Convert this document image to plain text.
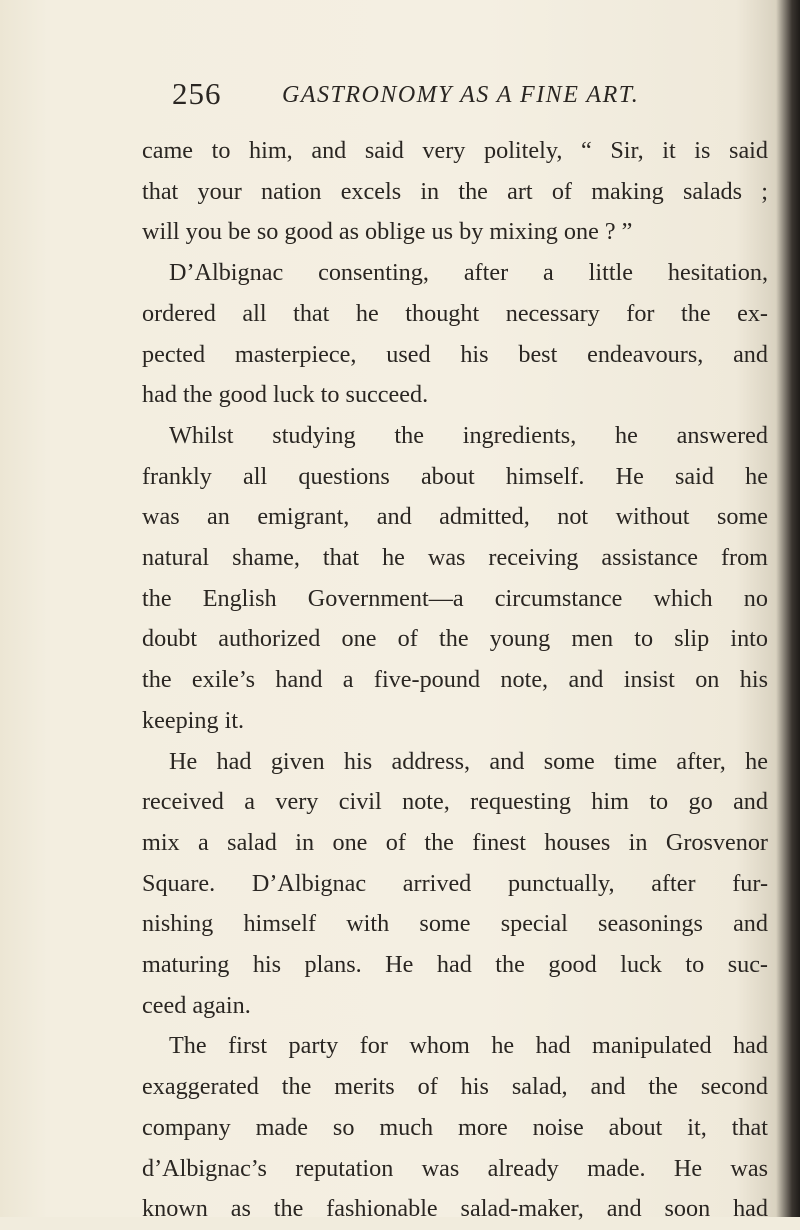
256	GASTRONOMY AS A FINE ART.
came to him, and said very politely, “ Sir, it is said
that your nation excels in the art of making salads ;
will you be so good as oblige us by mixing one ? ”
D’Albignac consenting, after a little hesitation,
ordered all that he thought necessary for the ex-
pected masterpiece, used his best endeavours, and
had the good luck to succeed.
Whilst studying the ingredients, he answered
frankly all questions about himself. He said he
was an emigrant, and admitted, not without some
natural shame, that he was receiving assistance from
the English Government—a circumstance which no
doubt authorized one of the young men to slip into
the exile’s hand a five-pound note, and insist on his
keeping it.
He had given his address, and some time after, he
received a very civil note, requesting him to go and
mix a salad in one of the finest houses in Grosvenor
Square. D’Albignac arrived punctually, after fur-
nishing himself with some special seasonings and
maturing his plans. He had the good luck to suc-
ceed again.
The first party for whom he had manipulated had
exaggerated the merits of his salad, and the second
company made so much more noise about it, that
d’Albignac’s reputation was already made. He was
known as the fashionable salad-maker, and soon had
